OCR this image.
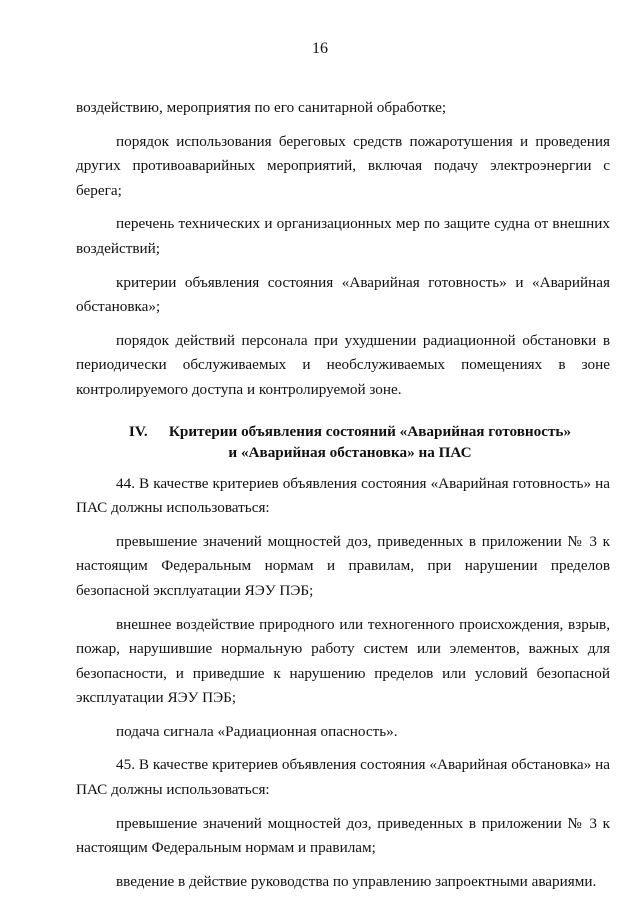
16

воздействию, мероприятия по его санитарной обработке;

порядок использования береговых средств пожаротушения и проведения других противоаварийных мероприятий, включая подачу электроэнергии с берега;

перечень технических и организационных мер по защите судна от внешних воздействий;

критерии объявления состояния «Аварийная готовность» и «Аварийная обстановка»;

порядок действий персонала при ухудшении радиационной обстановки в периодически обслуживаемых и необслуживаемых помещениях в зоне контролируемого доступа и контролируемой зоне.

IV. Критерии объявления состояний «Аварийная готовность»
и «Аварийная обстановка» на ПАС

44. В качестве критериев объявления состояния «Аварийная готовность» на ПАС должны использоваться:

превышение значений мощностей доз, приведенных в приложении № 3 к настоящим Федеральным нормам и правилам, при нарушении пределов безопасной эксплуатации ЯЭУ ПЭБ;

внешнее воздействие природного или техногенного происхождения, взрыв, пожар, нарушившие нормальную работу систем или элементов, важных для безопасности, и приведшие к нарушению пределов или условий безопасной эксплуатации ЯЭУ ПЭБ;

подача сигнала «Радиационная опасность».

45. В качестве критериев объявления состояния «Аварийная обстановка» на ПАС должны использоваться:

превышение значений мощностей доз, приведенных в приложении № 3 к настоящим Федеральным нормам и правилам;

введение в действие руководства по управлению запроектными авариями.
